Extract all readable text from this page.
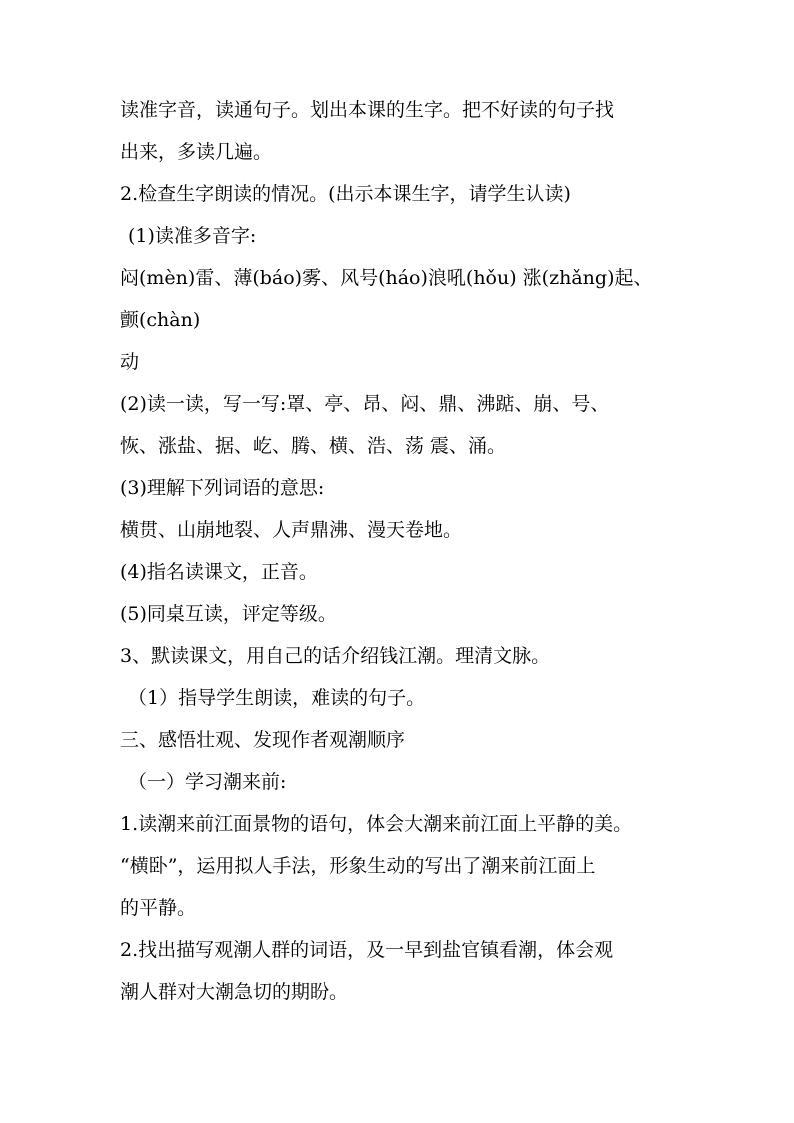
读准字音，读通句子。划出本课的生字。把不好读的句子找
出来，多读几遍。
2.检查生字朗读的情况。(出示本课生字，请学生认读)
(1)读准多音字:
闷(mèn)雷、薄(báo)雾、风号(háo)浪吼(hǒu) 涨(zhǎng)起、
颤(chàn)
动
(2)读一读，写一写:罩、亭、昂、闷、鼎、沸踮、崩、号、
恢、涨盐、据、屹、腾、横、浩、荡 震、涌。
(3)理解下列词语的意思:
横贯、山崩地裂、人声鼎沸、漫天卷地。
(4)指名读课文，正音。
(5)同桌互读，评定等级。
3、默读课文，用自己的话介绍钱江潮。理清文脉。
（1）指导学生朗读，难读的句子。
三、感悟壮观、发现作者观潮顺序
（一）学习潮来前:
1.读潮来前江面景物的语句，体会大潮来前江面上平静的美。
“横卧”，运用拟人手法，形象生动的写出了潮来前江面上
的平静。
2.找出描写观潮人群的词语，及一早到盐官镇看潮，体会观
潮人群对大潮急切的期盼。
